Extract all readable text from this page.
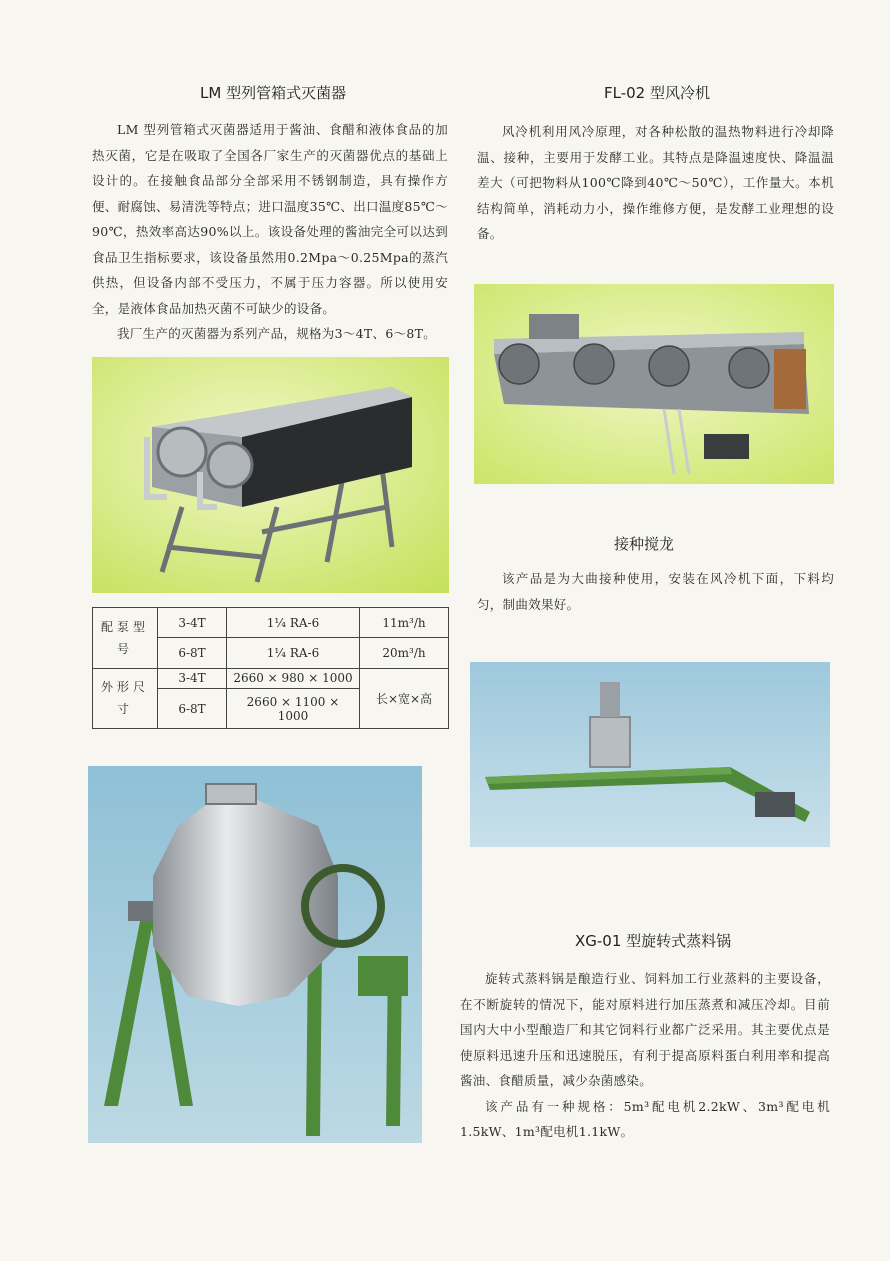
LM 型列管箱式灭菌器

LM 型列管箱式灭菌器适用于酱油、食醋和液体食品的加热灭菌，它是在吸取了全国各厂家生产的灭菌器优点的基础上设计的。在接触食品部分全部采用不锈钢制造，具有操作方便、耐腐蚀、易清洗等特点；进口温度35℃、出口温度85℃～90℃，热效率高达90%以上。该设备处理的酱油完全可以达到食品卫生指标要求，该设备虽然用0.2Mpa～0.25Mpa的蒸汽供热，但设备内部不受压力，不属于压力容器。所以使用安全，是液体食品加热灭菌不可缺少的设备。

我厂生产的灭菌器为系列产品，规格为3～4T、6～8T。

配泵型号	3-4T	1¼ RA-6	11m³/h
	6-8T	1¼ RA-6	20m³/h
外形尺寸	3-4T	2660 × 980 × 1000	长×宽×高
	6-8T	2660 × 1100 × 1000	
FL-02 型风冷机

风冷机利用风冷原理，对各种松散的温热物料进行冷却降温、接种，主要用于发酵工业。其特点是降温速度快、降温温差大（可把物料从100℃降到40℃～50℃），工作量大。本机结构简单，消耗动力小，操作维修方便，是发酵工业理想的设备。

接种搅龙

该产品是为大曲接种使用，安装在风冷机下面，下料均匀，制曲效果好。

XG-01 型旋转式蒸料锅

旋转式蒸料锅是酿造行业、饲料加工行业蒸料的主要设备，在不断旋转的情况下，能对原料进行加压蒸煮和减压冷却。目前国内大中小型酿造厂和其它饲料行业都广泛采用。其主要优点是使原料迅速升压和迅速脱压，有利于提高原料蛋白利用率和提高酱油、食醋质量，减少杂菌感染。

该产品有一种规格：5m³配电机2.2kW、3m³配电机1.5kW、1m³配电机1.1kW。
